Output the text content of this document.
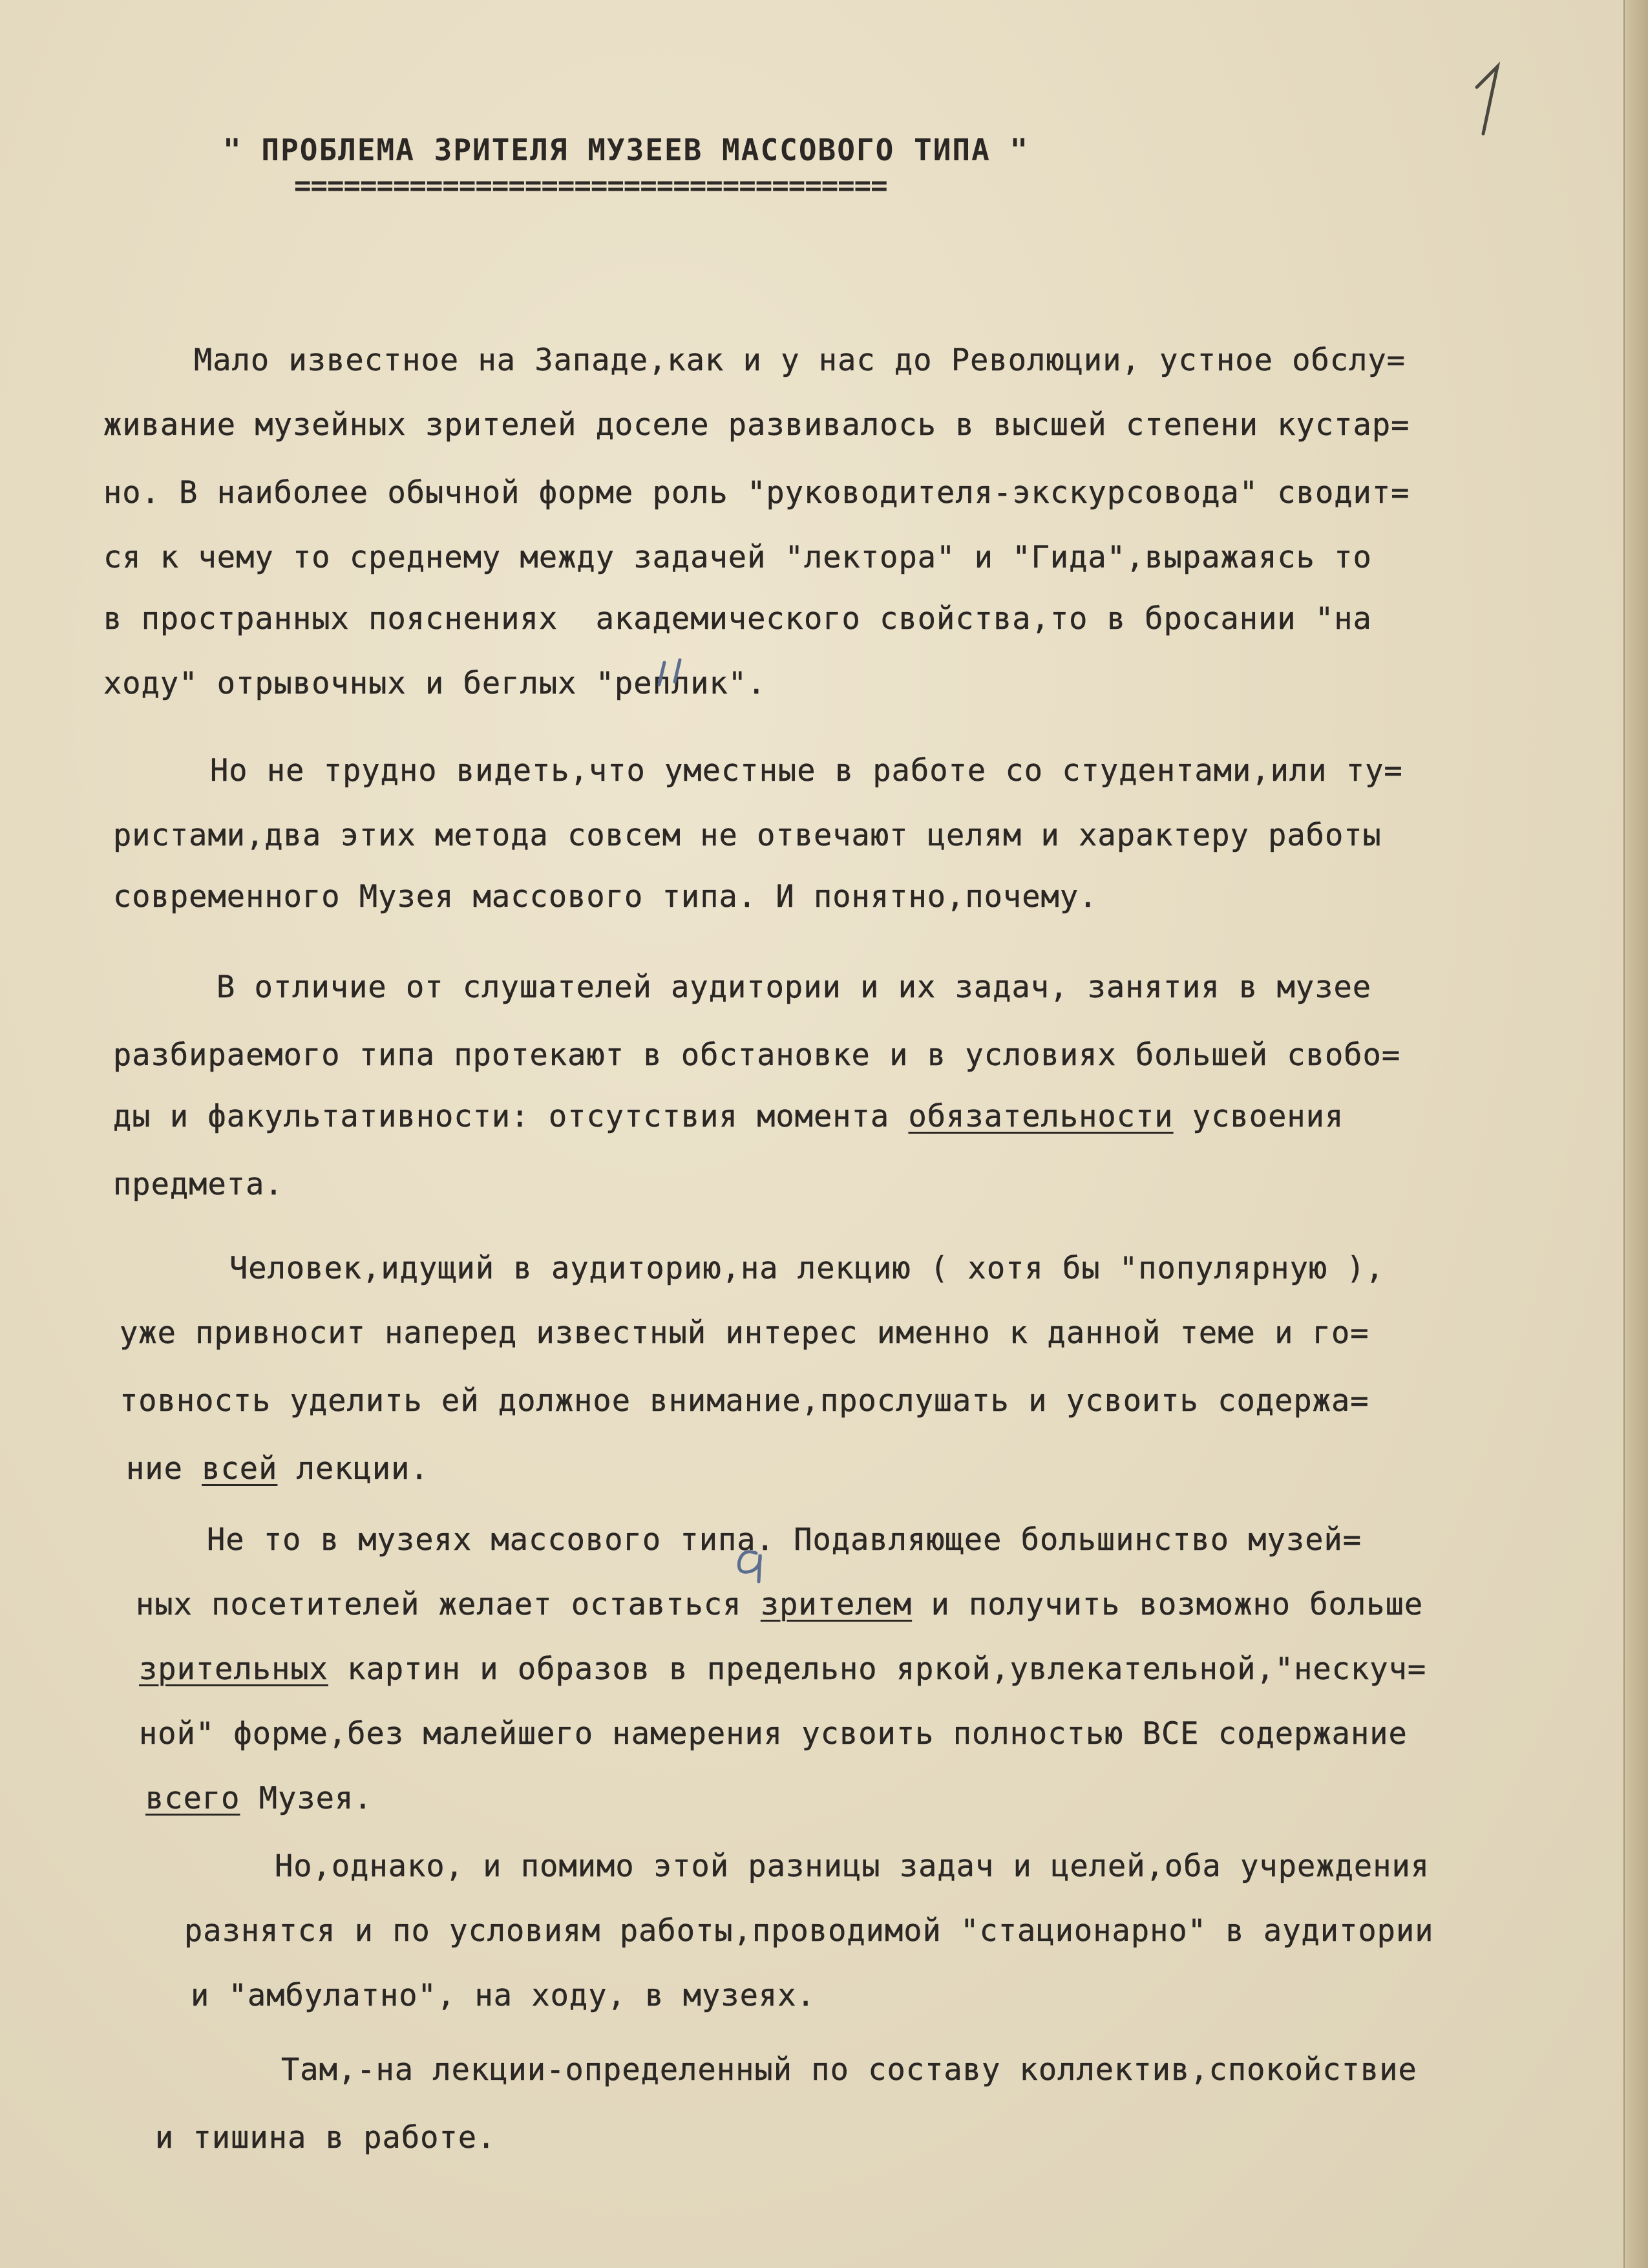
" ПРОБЛЕМА ЗРИТЕЛЯ МУЗЕЕВ МАССОВОГО ТИПА "
====================================
Мало известное на Западе,как и у нас до Революции, устное обслу=
живание музейных зрителей доселе развивалось в высшей степени кустар=
но. В наиболее обычной форме роль "руководителя-экскурсовода" сводит=
ся к чему то среднему между задачей "лектора" и "Гида",выражаясь то
в пространных пояснениях  академического свойства,то в бросании "на
ходу" отрывочных и беглых "реплик".
Но не трудно видеть,что уместные в работе со студентами,или ту=
ристами,два этих метода совсем не отвечают целям и характеру работы
современного Музея массового типа. И понятно,почему.
В отличие от слушателей аудитории и их задач, занятия в музее
разбираемого типа протекают в обстановке и в условиях большей свобо=
ды и факультативности: отсутствия момента обязательности усвоения
предмета.
Человек,идущий в аудиторию,на лекцию ( хотя бы "популярную ),
уже привносит наперед известный интерес именно к данной теме и го=
товность уделить ей должное внимание,прослушать и усвоить содержа=
ние всей лекции.
Не то в музеях массового типа. Подавляющее большинство музей=
ных посетителей желает оставться зрителем и получить возможно больше
зрительных картин и образов в предельно яркой,увлекательной,"нескуч=
ной" форме,без малейшего намерения усвоить полностью ВСЕ содержание
всего Музея.
Но,однако, и помимо этой разницы задач и целей,оба учреждения
разнятся и по условиям работы,проводимой "стационарно" в аудитории
и "амбулатно", на ходу, в музеях.
Там,-на лекции-определенный по составу коллектив,спокойствие
и тишина в работе.
